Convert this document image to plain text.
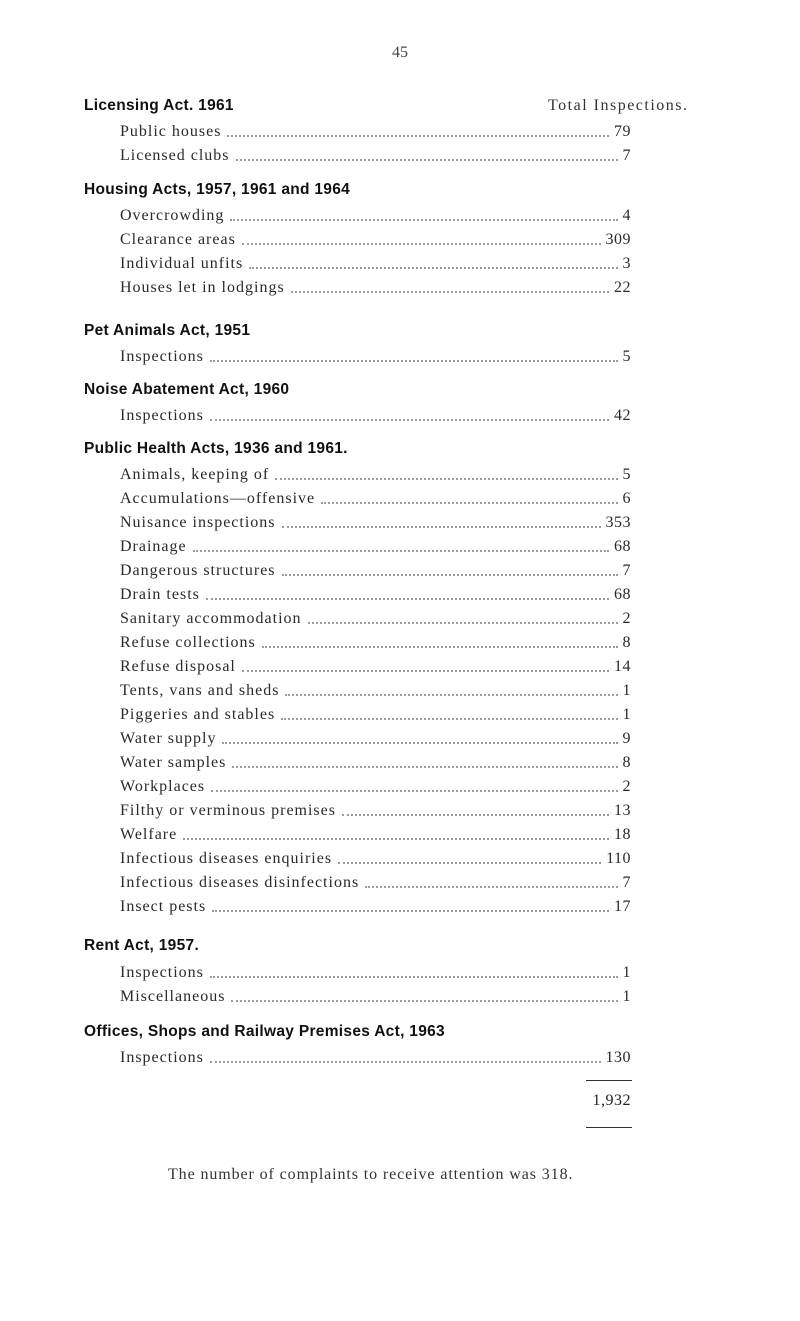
45
Total Inspections.
Licensing Act. 1961
Public houses	79
Licensed clubs	7
Housing Acts, 1957, 1961 and 1964
Overcrowding	4
Clearance areas	309
Individual unfits	3
Houses let in lodgings	22
Pet Animals Act, 1951
Inspections	5
Noise Abatement Act, 1960
Inspections	42
Public Health Acts, 1936 and 1961.
Animals, keeping of	5
Accumulations—offensive	6
Nuisance inspections	353
Drainage	68
Dangerous structures	7
Drain tests	68
Sanitary accommodation	2
Refuse collections	8
Refuse disposal	14
Tents, vans and sheds	1
Piggeries and stables	1
Water supply	9
Water samples	8
Workplaces	2
Filthy or verminous premises	13
Welfare	18
Infectious diseases enquiries	110
Infectious diseases disinfections	7
Insect pests	17
Rent Act, 1957.
Inspections	1
Miscellaneous	1
Offices, Shops and Railway Premises Act, 1963
Inspections	130
1,932
The number of complaints to receive attention was 318.
